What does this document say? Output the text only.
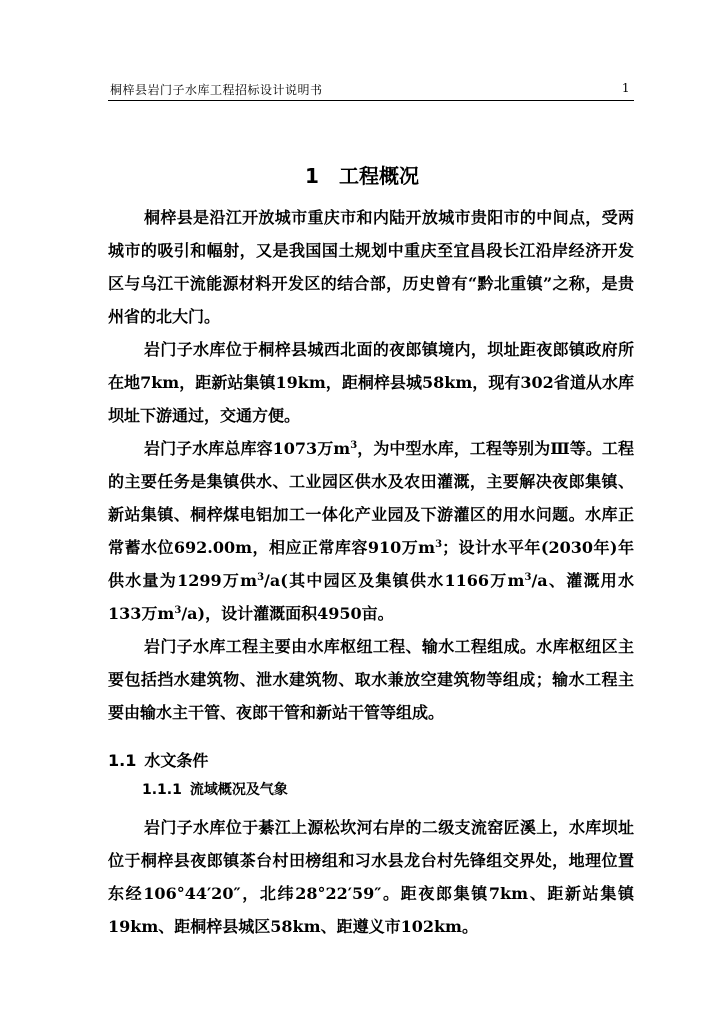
桐梓县岩门子水库工程招标设计说明书	1
1 工程概况

桐梓县是沿江开放城市重庆市和内陆开放城市贵阳市的中间点，受两城市的吸引和幅射，又是我国国土规划中重庆至宜昌段长江沿岸经济开发区与乌江干流能源材料开发区的结合部，历史曾有“黔北重镇”之称，是贵州省的北大门。

岩门子水库位于桐梓县城西北面的夜郎镇境内，坝址距夜郎镇政府所在地7km，距新站集镇19km，距桐梓县城58km，现有302省道从水库坝址下游通过，交通方便。

岩门子水库总库容1073万$m^3$，为中型水库，工程等别为Ⅲ等。工程的主要任务是集镇供水、工业园区供水及农田灌溉，主要解决夜郎集镇、新站集镇、桐梓煤电铝加工一体化产业园及下游灌区的用水问题。水库正常蓄水位692.00m，相应正常库容910万$m^3$；设计水平年(2030年)年供水量为1299万$m^3/a$(其中园区及集镇供水1166万$m^3/a$、灌溉用水133万$m^3/a$)，设计灌溉面积4950亩。

岩门子水库工程主要由水库枢纽工程、输水工程组成。水库枢纽区主要包括挡水建筑物、泄水建筑物、取水兼放空建筑物等组成；输水工程主要由输水主干管、夜郎干管和新站干管等组成。

1.1 水文条件
1.1.1 流域概况及气象

岩门子水库位于綦江上源松坎河右岸的二级支流窑匠溪上，水库坝址位于桐梓县夜郎镇茶台村田榜组和习水县龙台村先锋组交界处，地理位置东经106°44′20″，北纬28°22′59″。距夜郎集镇7km、距新站集镇19km、距桐梓县城区58km、距遵义市102km。
